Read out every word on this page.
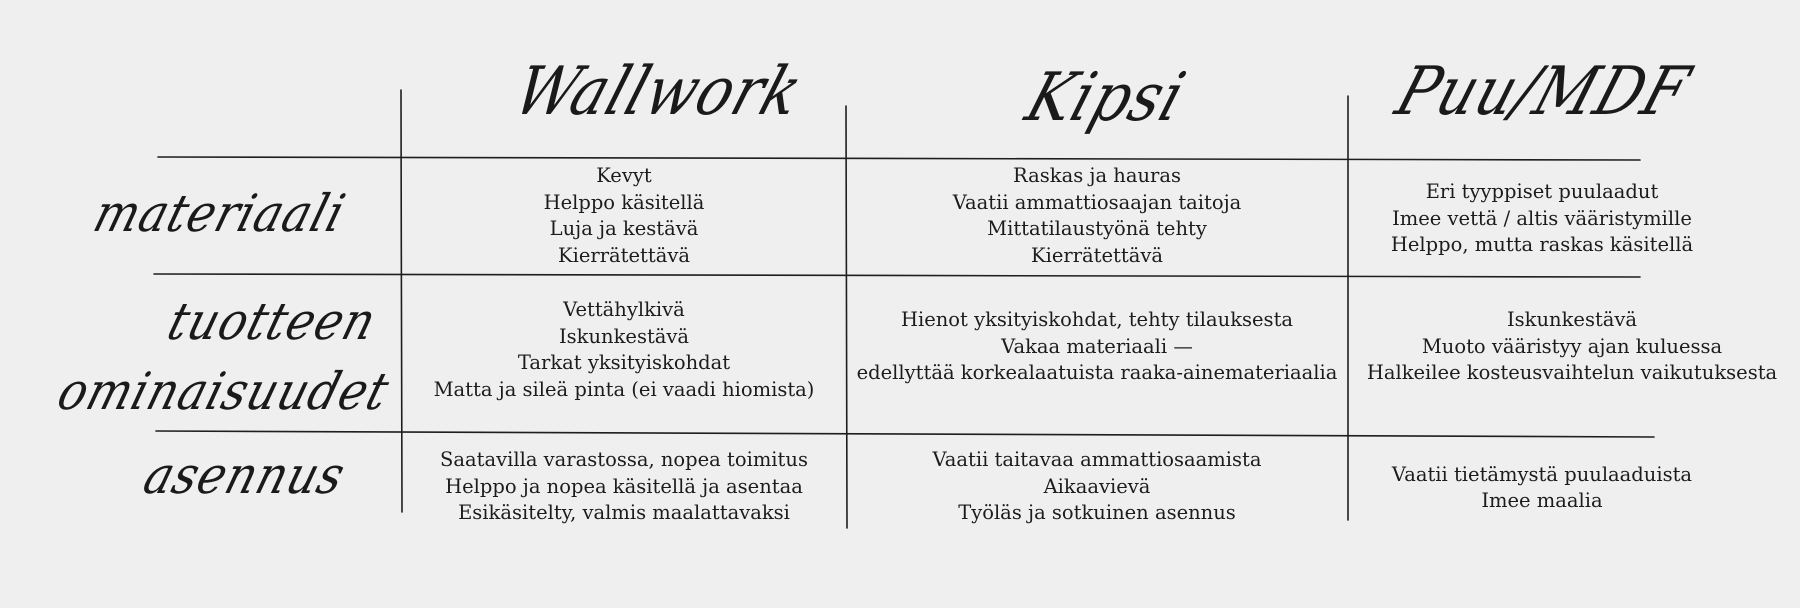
Wallwork	Kipsi	Puu/MDF
materiaali
tuotteen
ominaisuudet
asennus
Kevyt
Helppo käsitellä
Luja ja kestävä
Kierrätettävä
Raskas ja hauras
Vaatii ammattiosaajan taitoja
Mittatilaustyönä tehty
Kierrätettävä
Eri tyyppiset puulaadut
Imee vettä / altis vääristymille
Helppo, mutta raskas käsitellä
Vettähylkivä
Iskunkestävä
Tarkat yksityiskohdat
Matta ja sileä pinta (ei vaadi hiomista)
Hienot yksityiskohdat, tehty tilauksesta
Vakaa materiaali —
edellyttää korkealaatuista raaka-ainemateriaalia
Iskunkestävä
Muoto vääristyy ajan kuluessa
Halkeilee kosteusvaihtelun vaikutuksesta
Saatavilla varastossa, nopea toimitus
Helppo ja nopea käsitellä ja asentaa
Esikäsitelty, valmis maalattavaksi
Vaatii taitavaa ammattiosaamista
Aikaavievä
Työläs ja sotkuinen asennus
Vaatii tietämystä puulaaduista
Imee maalia
